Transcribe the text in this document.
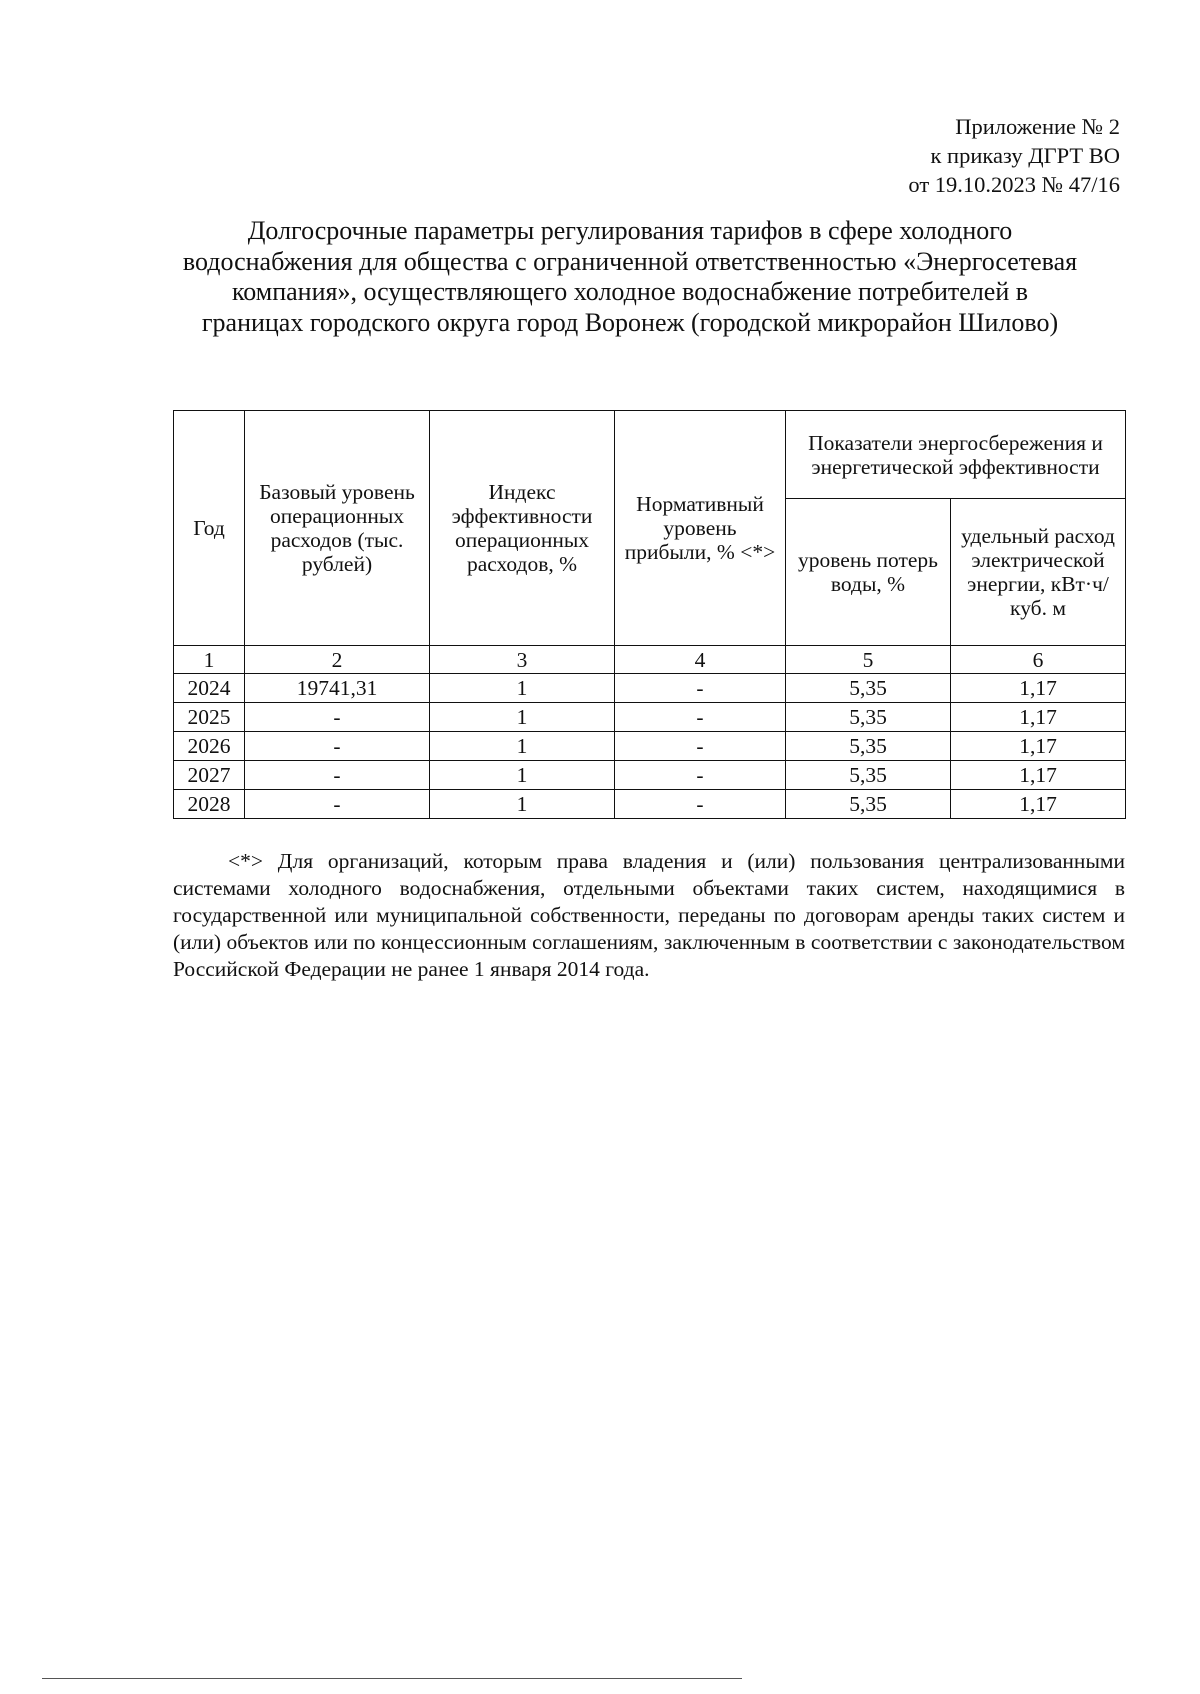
Приложение № 2
к приказу ДГРТ ВО
от 19.10.2023 № 47/16
Долгосрочные параметры регулирования тарифов в сфере холодного водоснабжения для общества с ограниченной ответственностью «Энергосетевая компания», осуществляющего холодное водоснабжение потребителей в границах городского округа город Воронеж (городской микрорайон Шилово)
Год	Базовый уровень операционных расходов (тыс. рублей)	Индекс эффективности операционных расходов, %	Нормативный уровень прибыли, % <*>	Показатели энергосбережения и энергетической эффективности	
				уровень потерь воды, %	удельный расход электрической энергии, кВт·ч/куб. м
1	2	3	4	5	6
2024	19741,31	1	-	5,35	1,17
2025	-	1	-	5,35	1,17
2026	-	1	-	5,35	1,17
2027	-	1	-	5,35	1,17
2028	-	1	-	5,35	1,17
<*> Для организаций, которым права владения и (или) пользования централизованными системами холодного водоснабжения, отдельными объектами таких систем, находящимися в государственной или муниципальной собственности, переданы по договорам аренды таких систем и (или) объектов или по концессионным соглашениям, заключенным в соответствии с законодательством Российской Федерации не ранее 1 января 2014 года.
